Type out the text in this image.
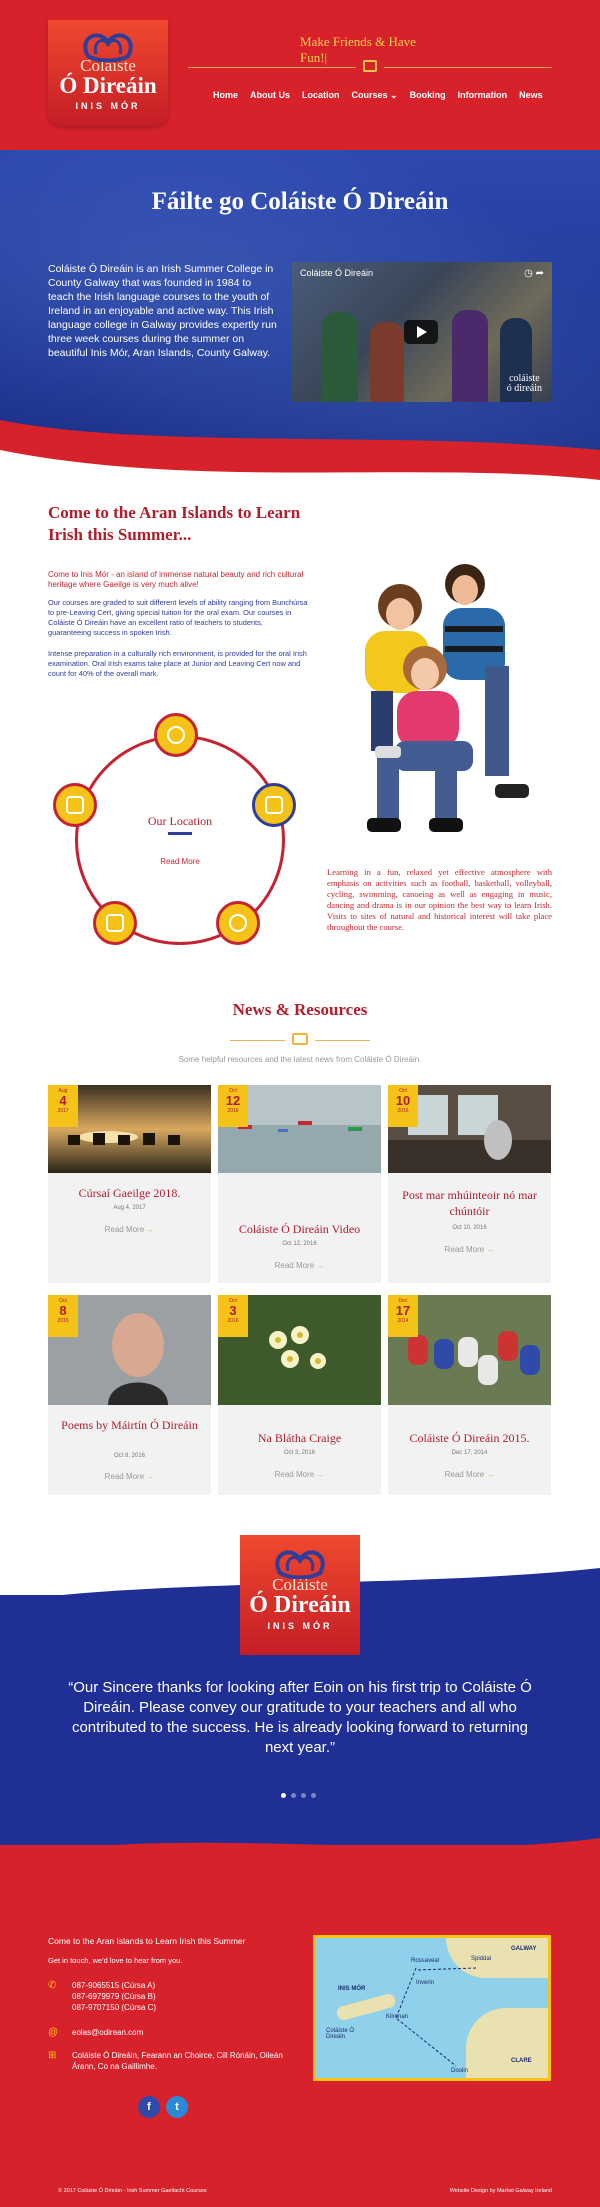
Coláiste
Ó Direáin
INIS MÓR
Make Friends & Have Fun!|
Home About Us Location Courses ⌄ Booking Information News
Fáilte go Coláiste Ó Direáin

Coláiste Ó Direáin is an Irish Summer College in County Galway that was founded in 1984 to teach the Irish language courses to the youth of Ireland in an enjoyable and active way. This Irish language college in Galway provides expertly run three week courses during the summer on beautiful Inis Mór, Aran Islands, County Galway.

Coláiste Ó Direáin	◷ ➦
coláiste
ó direáin
Come to the Aran Islands to Learn Irish this Summer...

Come to Inis Mór - an island of immense natural beauty and rich cultural heritage where Gaeilge is very much alive!

Our courses are graded to suit different levels of ability ranging from Bunchúrsa to pre-Leaving Cert, giving special tuition for the oral exam. Our courses in Coláiste Ó Direáin have an excellent ratio of teachers to students, guaranteeing success in spoken Irish.

Intense preparation in a culturally rich environment, is provided for the oral Irish examination. Oral Irish exams take place at Junior and Leaving Cert now and count for 40% of the overall mark.

Our Location
Read More

Learning in a fun, relaxed yet effective atmosphere with emphasis on activities such as football, basketball, volleyball, cycling, swimming, canoeing as well as engaging in music, dancing and drama is in our opinion the best way to learn Irish. Visits to sites of natural and historical interest will take place throughout the course.

News & Resources

Some helpful resources and the latest news from Coláiste Ó Direáin.

Aug
4
2017
Cúrsaí Gaeilge 2018.
Aug 4, 2017
Read More →
Oct
12
2016
Coláiste Ó Direáin Video
Oct 12, 2016
Read More →
Oct
10
2016
Post mar mhúinteoir nó mar chúntóir
Oct 10, 2016
Read More →
Oct
8
2016
Poems by Máirtín Ó Direáin
Oct 8, 2016
Read More →
Oct
3
2016
Na Blátha Craige
Oct 3, 2016
Read More →
Dec
17
2014
Coláiste Ó Direáin 2015.
Dec 17, 2014
Read More →
Coláiste
Ó Direáin
INIS MÓR

“Our Sincere thanks for looking after Eoin on his first trip to Coláiste Ó Direáin. Please convey our gratitude to your teachers and all who contributed to the success. He is already looking forward to returning next year.”

Come to the Aran Islands to Learn Irish this Summer
Get in touch, we'd love to hear from you.
✆	087-9065515 (Cúrsa A)
087-6979979 (Cúrsa B)
087-9707150 (Cúrsa C)
@	eolas@odirean.com
⊞	Coláiste Ó Direáin, Fearann an Choirce, Cill Rónáin, Oileán Árann, Co na Gaillimhe.
f	t
GALWAY
Rossaveal	Spiddal
Inverin
INIS MÓR
Kilronan
Coláiste Ó Direáin
Doolin
CLARE
© 2017 Coláiste Ó Direáin - Irish Summer Gaeltacht Courses	Website Design by Market Galway Ireland
